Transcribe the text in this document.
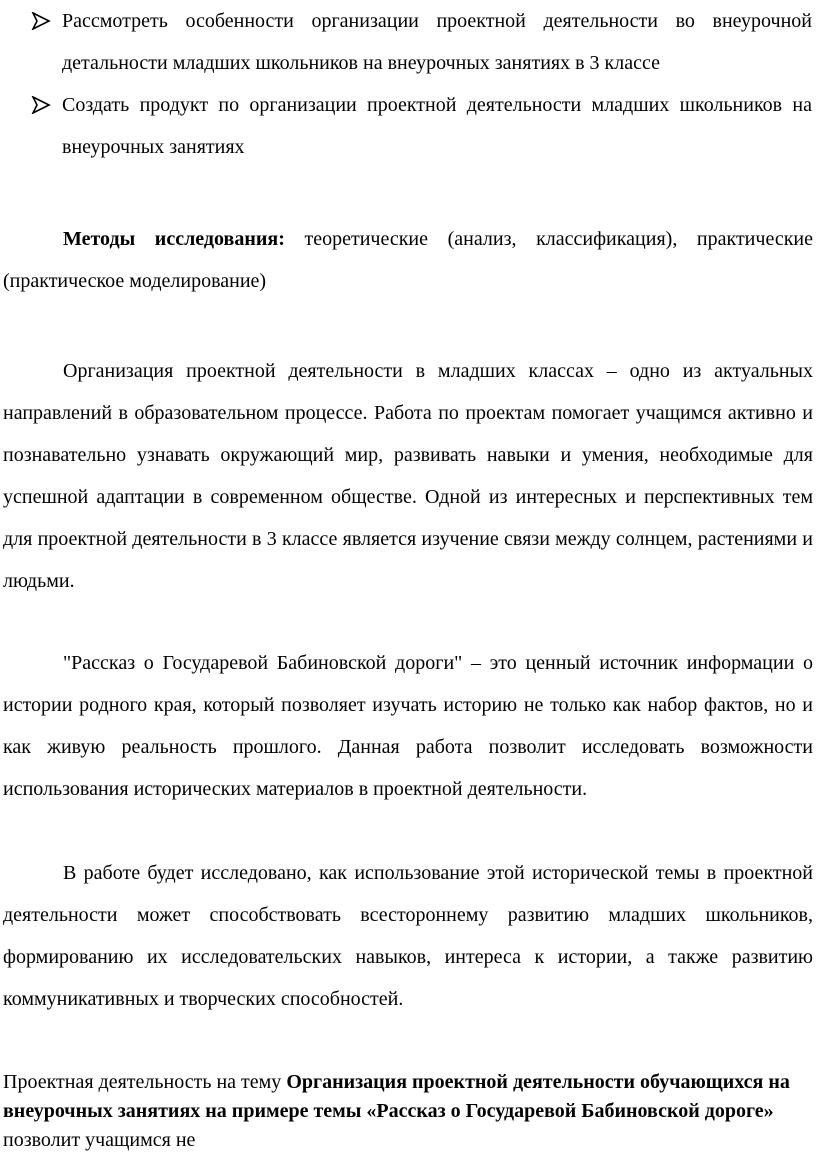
Рассмотреть особенности организации проектной деятельности во внеурочной детальности младших школьников на внеурочных занятиях в 3 классе
Создать продукт по организации проектной деятельности младших школьников на внеурочных занятиях

Методы исследования: теоретические (анализ, классификация), практические (практическое моделирование)

Организация проектной деятельности в младших классах – одно из актуальных направлений в образовательном процессе. Работа по проектам помогает учащимся активно и познавательно узнавать окружающий мир, развивать навыки и умения, необходимые для успешной адаптации в современном обществе. Одной из интересных и перспективных тем для проектной деятельности в 3 классе является изучение связи между солнцем, растениями и людьми.

"Рассказ о Государевой Бабиновской дороги" – это ценный источник информации о истории родного края, который позволяет изучать историю не только как набор фактов, но и как живую реальность прошлого. Данная работа позволит исследовать возможности использования исторических материалов в проектной деятельности.

В работе будет исследовано, как использование этой исторической темы в проектной деятельности может способствовать всестороннему развитию младших школьников, формированию их исследовательских навыков, интереса к истории, а также развитию коммуникативных и творческих способностей.

Проектная деятельность на тему Организация проектной деятельности обучающихся на внеурочных занятиях на примере темы «Рассказ о Государевой Бабиновской дороге» позволит учащимся не
